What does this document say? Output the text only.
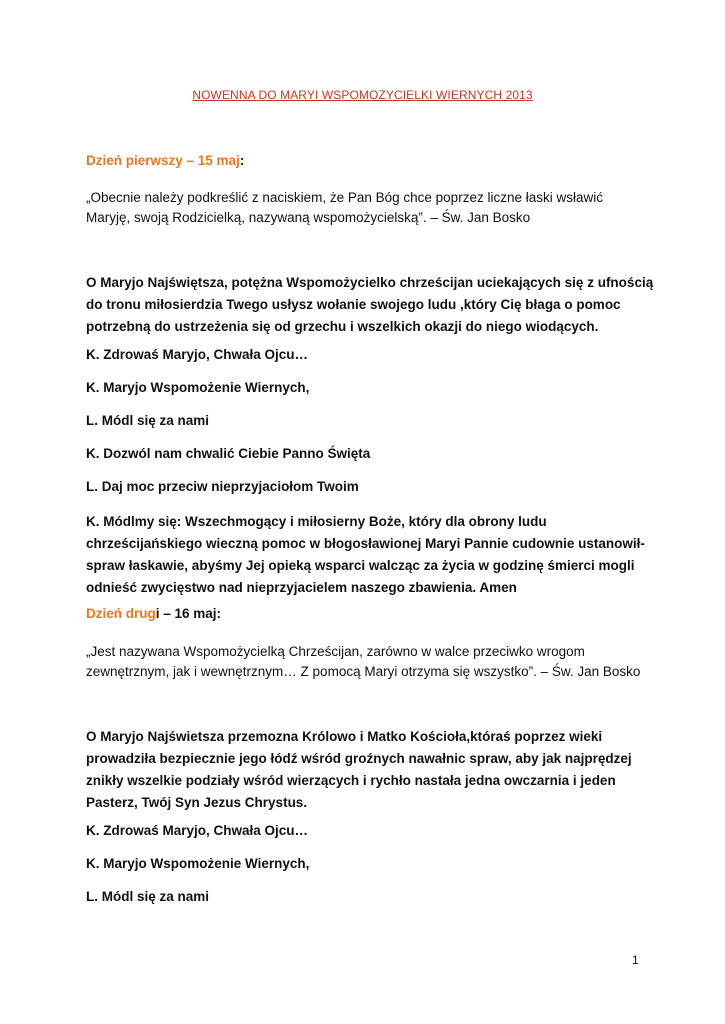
NOWENNA DO MARYI WSPOMOZYCIELKI WIERNYCH 2013
Dzień pierwszy – 15 maj:
„Obecnie należy podkreślić z naciskiem, że Pan Bóg chce poprzez liczne łaski wsławić Maryję, swoją Rodzicielką, nazywaną wspomożycielską”. – Św. Jan Bosko
O Maryjo Najświętsza, potężna Wspomożycielko chrześcijan uciekających się z ufnością do tronu miłosierdzia Twego usłysz wołanie swojego ludu ,który Cię błaga o pomoc potrzebną do ustrzeżenia się od grzechu i wszelkich okazji do niego wiodących.
K. Zdrowaś Maryjo, Chwała Ojcu…
K. Maryjo Wspomożenie Wiernych,
L. Módl się za nami
K. Dozwól nam chwalić Ciebie Panno Święta
L. Daj moc przeciw nieprzyjaciołom Twoim
K. Módlmy się: Wszechmogący i miłosierny Boże, który dla obrony ludu chrześcijańskiego wieczną pomoc w błogosławionej Maryi Pannie cudownie ustanowił- spraw łaskawie, abyśmy Jej opieką wsparci walcząc za życia w godzinę śmierci mogli odnieść zwycięstwo nad nieprzyjacielem naszego zbawienia. Amen
Dzień drugi – 16 maj:
„Jest nazywana Wspomożycielką Chrześcijan, zarówno w walce przeciwko wrogom zewnętrznym, jak i wewnętrznym… Z pomocą Maryi otrzyma się wszystko”. – Św. Jan Bosko
O Maryjo Najświetsza przemozna Królowo i Matko Kościoła,któraś poprzez wieki prowadziła bezpiecznie jego łódź wśród groźnych nawałnic spraw, aby jak najprędzej znikły wszelkie podziały wśród wierzących i rychło nastała jedna owczarnia i jeden Pasterz, Twój Syn Jezus Chrystus.
K. Zdrowaś Maryjo, Chwała Ojcu…
K. Maryjo Wspomożenie Wiernych,
L. Módl się za nami
1
